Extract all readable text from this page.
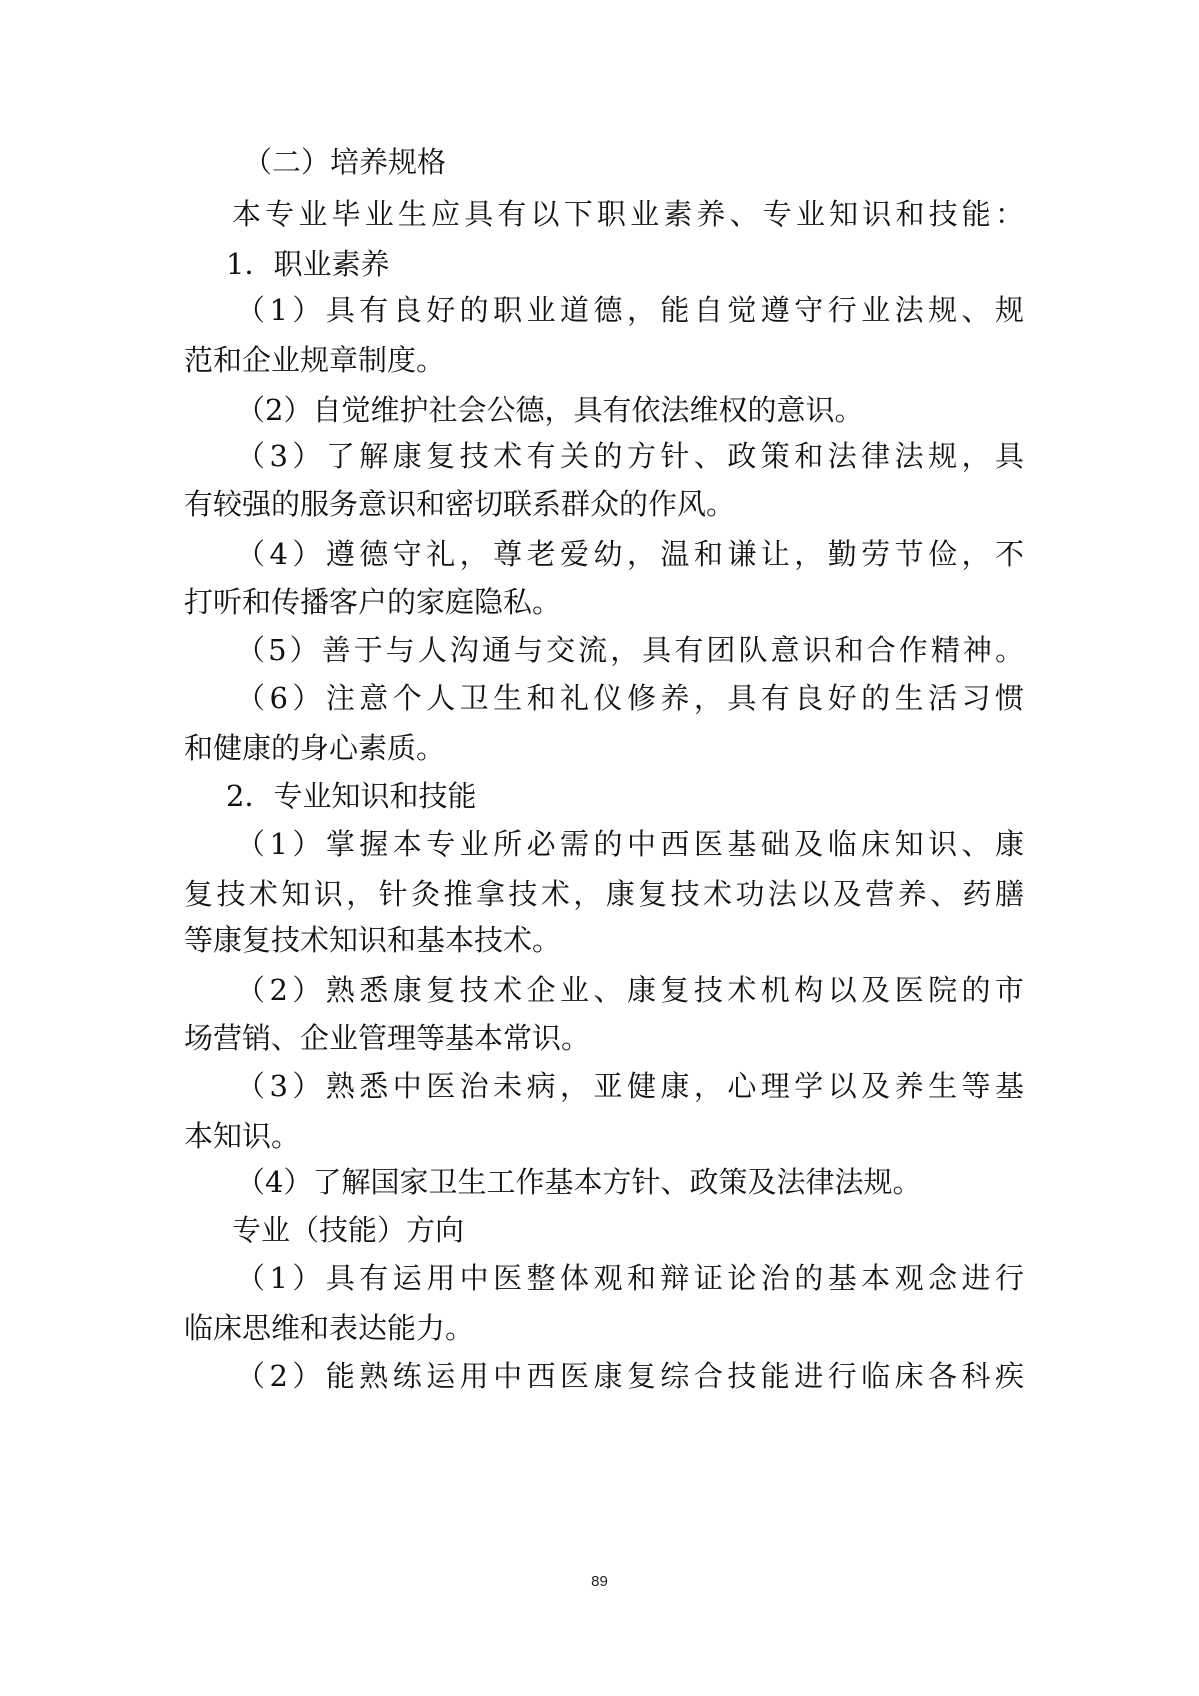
（二）培养规格
本专业毕业生应具有以下职业素养、专业知识和技能：
1．职业素养
（1）具有良好的职业道德，能自觉遵守行业法规、规
范和企业规章制度。
（2）自觉维护社会公德，具有依法维权的意识。
（3）了解康复技术有关的方针、政策和法律法规，具
有较强的服务意识和密切联系群众的作风。
（4）遵德守礼，尊老爱幼，温和谦让，勤劳节俭，不
打听和传播客户的家庭隐私。
（5）善于与人沟通与交流，具有团队意识和合作精神。
（6）注意个人卫生和礼仪修养，具有良好的生活习惯
和健康的身心素质。
2．专业知识和技能
（1）掌握本专业所必需的中西医基础及临床知识、康
复技术知识，针灸推拿技术，康复技术功法以及营养、药膳
等康复技术知识和基本技术。
（2）熟悉康复技术企业、康复技术机构以及医院的市
场营销、企业管理等基本常识。
（3）熟悉中医治未病，亚健康，心理学以及养生等基
本知识。
（4）了解国家卫生工作基本方针、政策及法律法规。
专业（技能）方向
（1）具有运用中医整体观和辩证论治的基本观念进行
临床思维和表达能力。
（2）能熟练运用中西医康复综合技能进行临床各科疾
89
